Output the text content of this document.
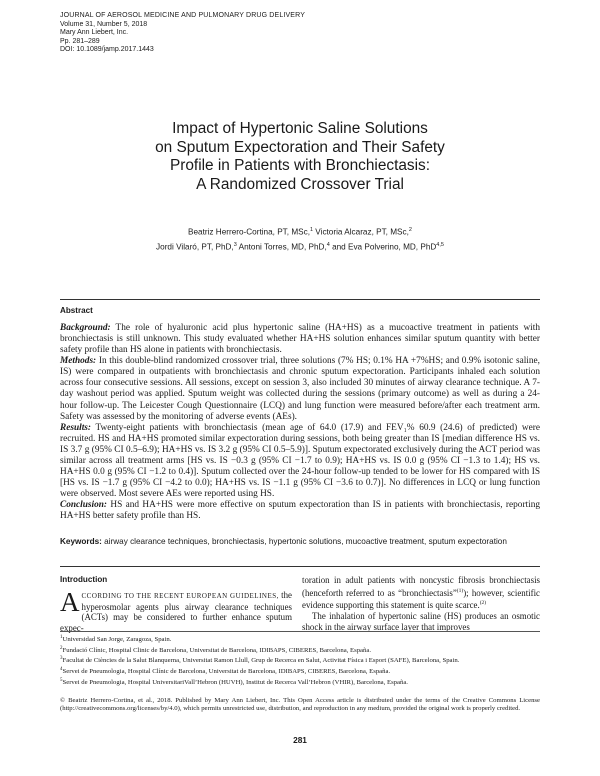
JOURNAL OF AEROSOL MEDICINE AND PULMONARY DRUG DELIVERY
Volume 31, Number 5, 2018
Mary Ann Liebert, Inc.
Pp. 281–289
DOI: 10.1089/jamp.2017.1443
Impact of Hypertonic Saline Solutions
on Sputum Expectoration and Their Safety
Profile in Patients with Bronchiectasis:
A Randomized Crossover Trial
Beatriz Herrero-Cortina, PT, MSc,$^1$ Victoria Alcaraz, PT, MSc,$^2$
Jordi Vilaró, PT, PhD,$^3$ Antoni Torres, MD, PhD,$^4$ and Eva Polverino, MD, PhD$^{4,5}$
Abstract

Background: The role of hyaluronic acid plus hypertonic saline (HA+HS) as a mucoactive treatment in patients with bronchiectasis is still unknown. This study evaluated whether HA+HS solution enhances similar sputum quantity with better safety profile than HS alone in patients with bronchiectasis.

Methods: In this double-blind randomized crossover trial, three solutions (7% HS; 0.1% HA +7%HS; and 0.9% isotonic saline, IS) were compared in outpatients with bronchiectasis and chronic sputum expectoration. Participants inhaled each solution across four consecutive sessions. All sessions, except on session 3, also included 30 minutes of airway clearance technique. A 7-day washout period was applied. Sputum weight was collected during the sessions (primary outcome) as well as during a 24-hour follow-up. The Leicester Cough Questionnaire (LCQ) and lung function were measured before/after each treatment arm. Safety was assessed by the monitoring of adverse events (AEs).

Results: Twenty-eight patients with bronchiectasis (mean age of 64.0 (17.9) and FEV₁% 60.9 (24.6) of predicted) were recruited. HS and HA+HS promoted similar expectoration during sessions, both being greater than IS [median difference HS vs. IS 3.7 g (95% CI 0.5–6.9); HA+HS vs. IS 3.2 g (95% CI 0.5–5.9)]. Sputum expectorated exclusively during the ACT period was similar across all treatment arms [HS vs. IS −0.3 g (95% CI −1.7 to 0.9); HA+HS vs. IS 0.0 g (95% CI −1.3 to 1.4); HS vs. HA+HS 0.0 g (95% CI −1.2 to 0.4)]. Sputum collected over the 24-hour follow-up tended to be lower for HS compared with IS [HS vs. IS −1.7 g (95% CI −4.2 to 0.0); HA+HS vs. IS −1.1 g (95% CI −3.6 to 0.7)]. No differences in LCQ or lung function were observed. Most severe AEs were reported using HS.

Conclusion: HS and HA+HS were more effective on sputum expectoration than IS in patients with bronchiectasis, reporting HA+HS better safety profile than HS.

Keywords: airway clearance techniques, bronchiectasis, hypertonic solutions, mucoactive treatment, sputum expectoration
Introduction
ACCORDING TO THE RECENT EUROPEAN GUIDELINES, the hyperosmolar agents plus airway clearance techniques (ACTs) may be considered to further enhance sputum expec-

toration in adult patients with noncystic fibrosis bronchiectasis (henceforth referred to as “bronchiectasis”$^{(1)}$); however, scientific evidence supporting this statement is quite scarce.$^{(2)}$

The inhalation of hypertonic saline (HS) produces an osmotic shock in the airway surface layer that improves

$^1$Universidad San Jorge, Zaragoza, Spain.
$^2$Fundació Clínic, Hospital Clinic de Barcelona, Universitat de Barcelona, IDIBAPS, CIBERES, Barcelona, España.
$^3$Facultat de Ciències de la Salut Blanquerna, Universitat Ramon Llull, Grup de Recerca en Salut, Activitat Física i Esport (SAFE), Barcelona, Spain.
$^4$Servei de Pneumologia, Hospital Clínic de Barcelona, Universitat de Barcelona, IDIBAPS, CIBERES, Barcelona, España.
$^5$Servei de Pneumologia, Hospital UniversitariVall’Hebron (HUVH), Institut de Recerca Vall’Hebron (VHIR), Barcelona, España.
© Beatriz Herrero-Cortina, et al., 2018. Published by Mary Ann Liebert, Inc. This Open Access article is distributed under the terms of the Creative Commons License (http://creativecommons.org/licenses/by/4.0), which permits unrestricted use, distribution, and reproduction in any medium, provided the original work is properly credited.
281
